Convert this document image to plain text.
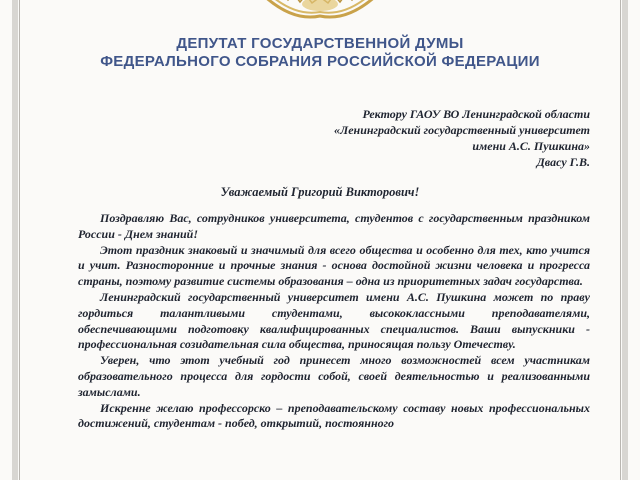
ДЕПУТАТ ГОСУДАРСТВЕННОЙ ДУМЫ
ФЕДЕРАЛЬНОГО СОБРАНИЯ РОССИЙСКОЙ ФЕДЕРАЦИИ
Ректору ГАОУ ВО Ленинградской области
«Ленинградский государственный университет
имени А.С. Пушкина»
Двасу Г.В.
Уважаемый Григорий Викторович!

Поздравляю Вас, сотрудников университета, студентов с государственным праздником России - Днем знаний!

Этот праздник знаковый и значимый для всего общества и особенно для тех, кто учится и учит. Разносторонние и прочные знания - основа достойной жизни человека и прогресса страны, поэтому развитие системы образования – одна из приоритетных задач государства.

Ленинградский государственный университет имени А.С. Пушкина может по праву гордиться талантливыми студентами, высококлассными преподавателями, обеспечивающими подготовку квалифицированных специалистов. Ваши выпускники - профессиональная созидательная сила общества, приносящая пользу Отечеству.

Уверен, что этот учебный год принесет много возможностей всем участникам образовательного процесса для гордости собой, своей деятельностью и реализованными замыслами.

Искренне желаю профессорско – преподавательскому составу новых профессиональных достижений, студентам - побед, открытий, постоянного
